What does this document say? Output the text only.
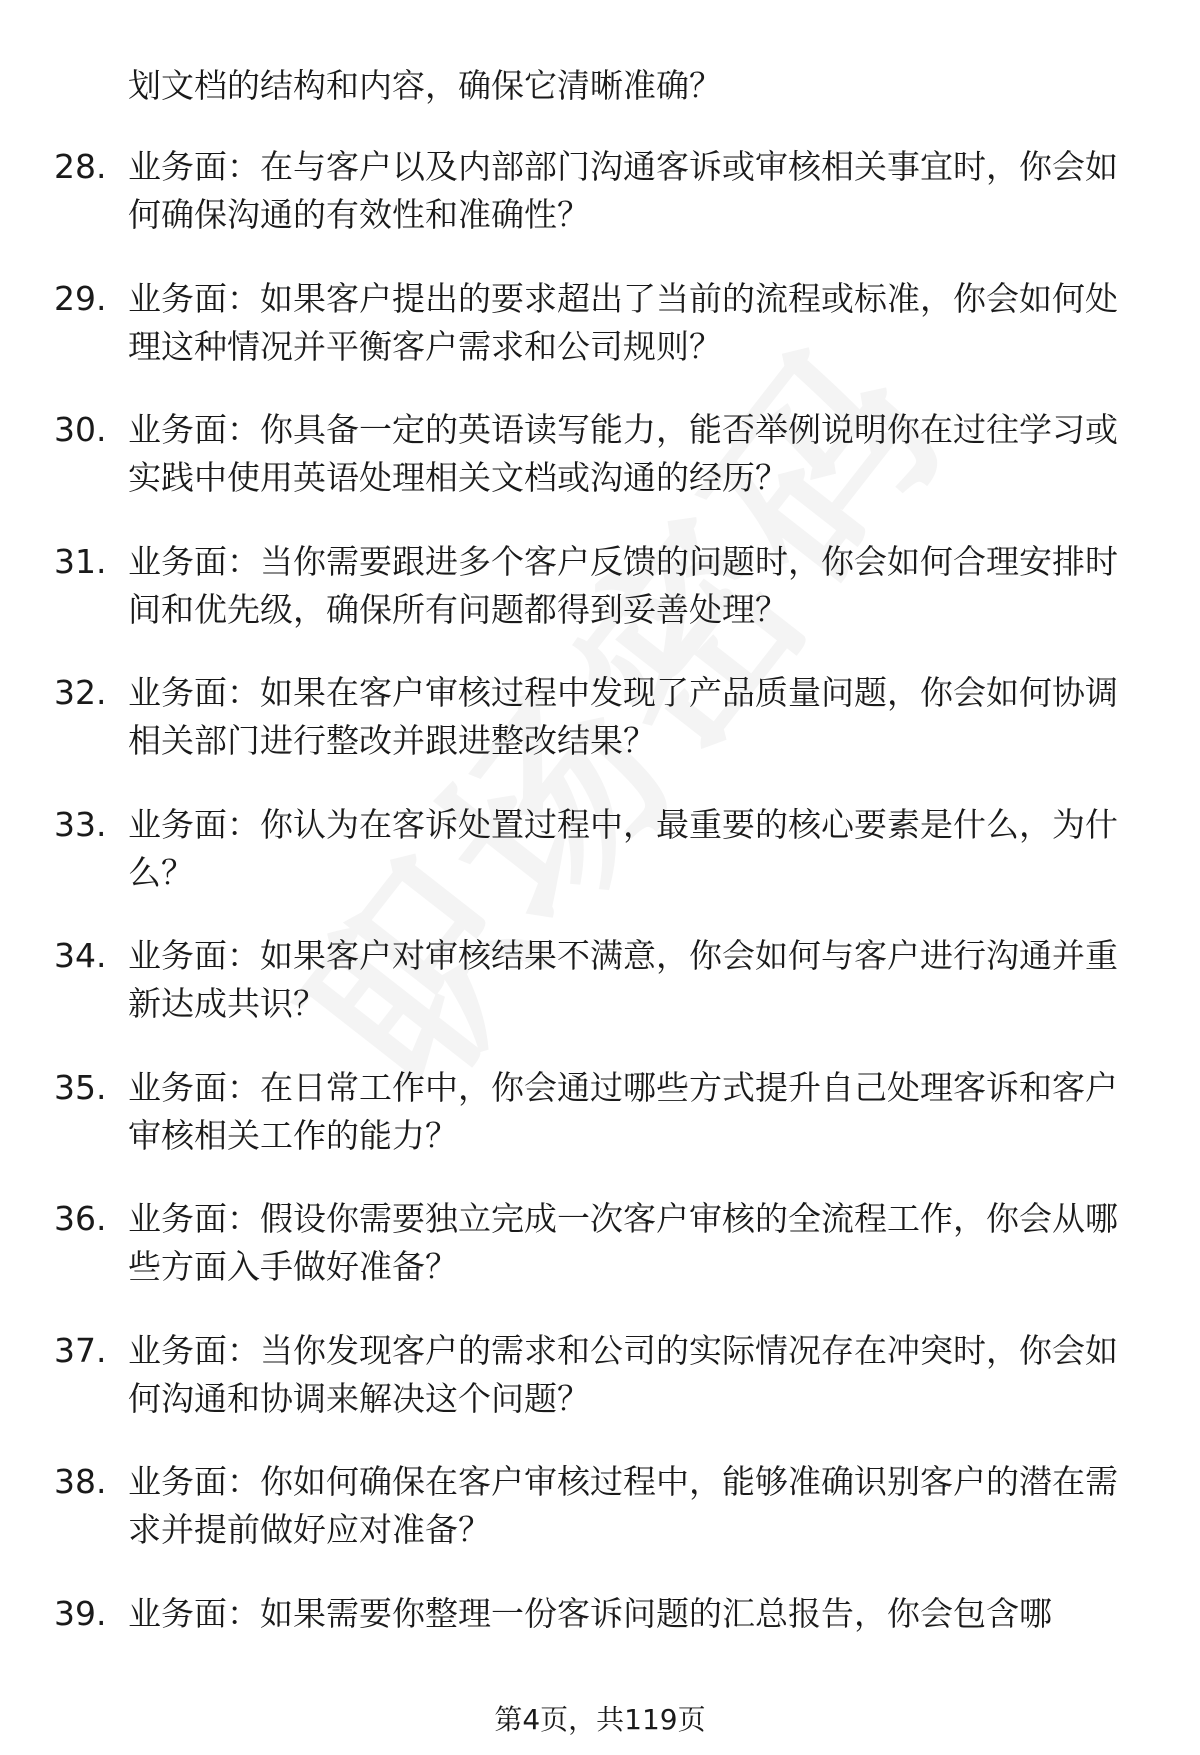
划文档的结构和内容，确保它清晰准确？

28. 业务面：在与客户以及内部部门沟通客诉或审核相关事宜时，你会如何确保沟通的有效性和准确性？

29. 业务面：如果客户提出的要求超出了当前的流程或标准，你会如何处理这种情况并平衡客户需求和公司规则？

30. 业务面：你具备一定的英语读写能力，能否举例说明你在过往学习或实践中使用英语处理相关文档或沟通的经历？

31. 业务面：当你需要跟进多个客户反馈的问题时，你会如何合理安排时间和优先级，确保所有问题都得到妥善处理？

32. 业务面：如果在客户审核过程中发现了产品质量问题，你会如何协调相关部门进行整改并跟进整改结果？

33. 业务面：你认为在客诉处置过程中，最重要的核心要素是什么，为什么？

34. 业务面：如果客户对审核结果不满意，你会如何与客户进行沟通并重新达成共识？

35. 业务面：在日常工作中，你会通过哪些方式提升自己处理客诉和客户审核相关工作的能力？

36. 业务面：假设你需要独立完成一次客户审核的全流程工作，你会从哪些方面入手做好准备？

37. 业务面：当你发现客户的需求和公司的实际情况存在冲突时，你会如何沟通和协调来解决这个问题？

38. 业务面：你如何确保在客户审核过程中，能够准确识别客户的潜在需求并提前做好应对准备？

39. 业务面：如果需要你整理一份客诉问题的汇总报告，你会包含哪

第4页，共119页
